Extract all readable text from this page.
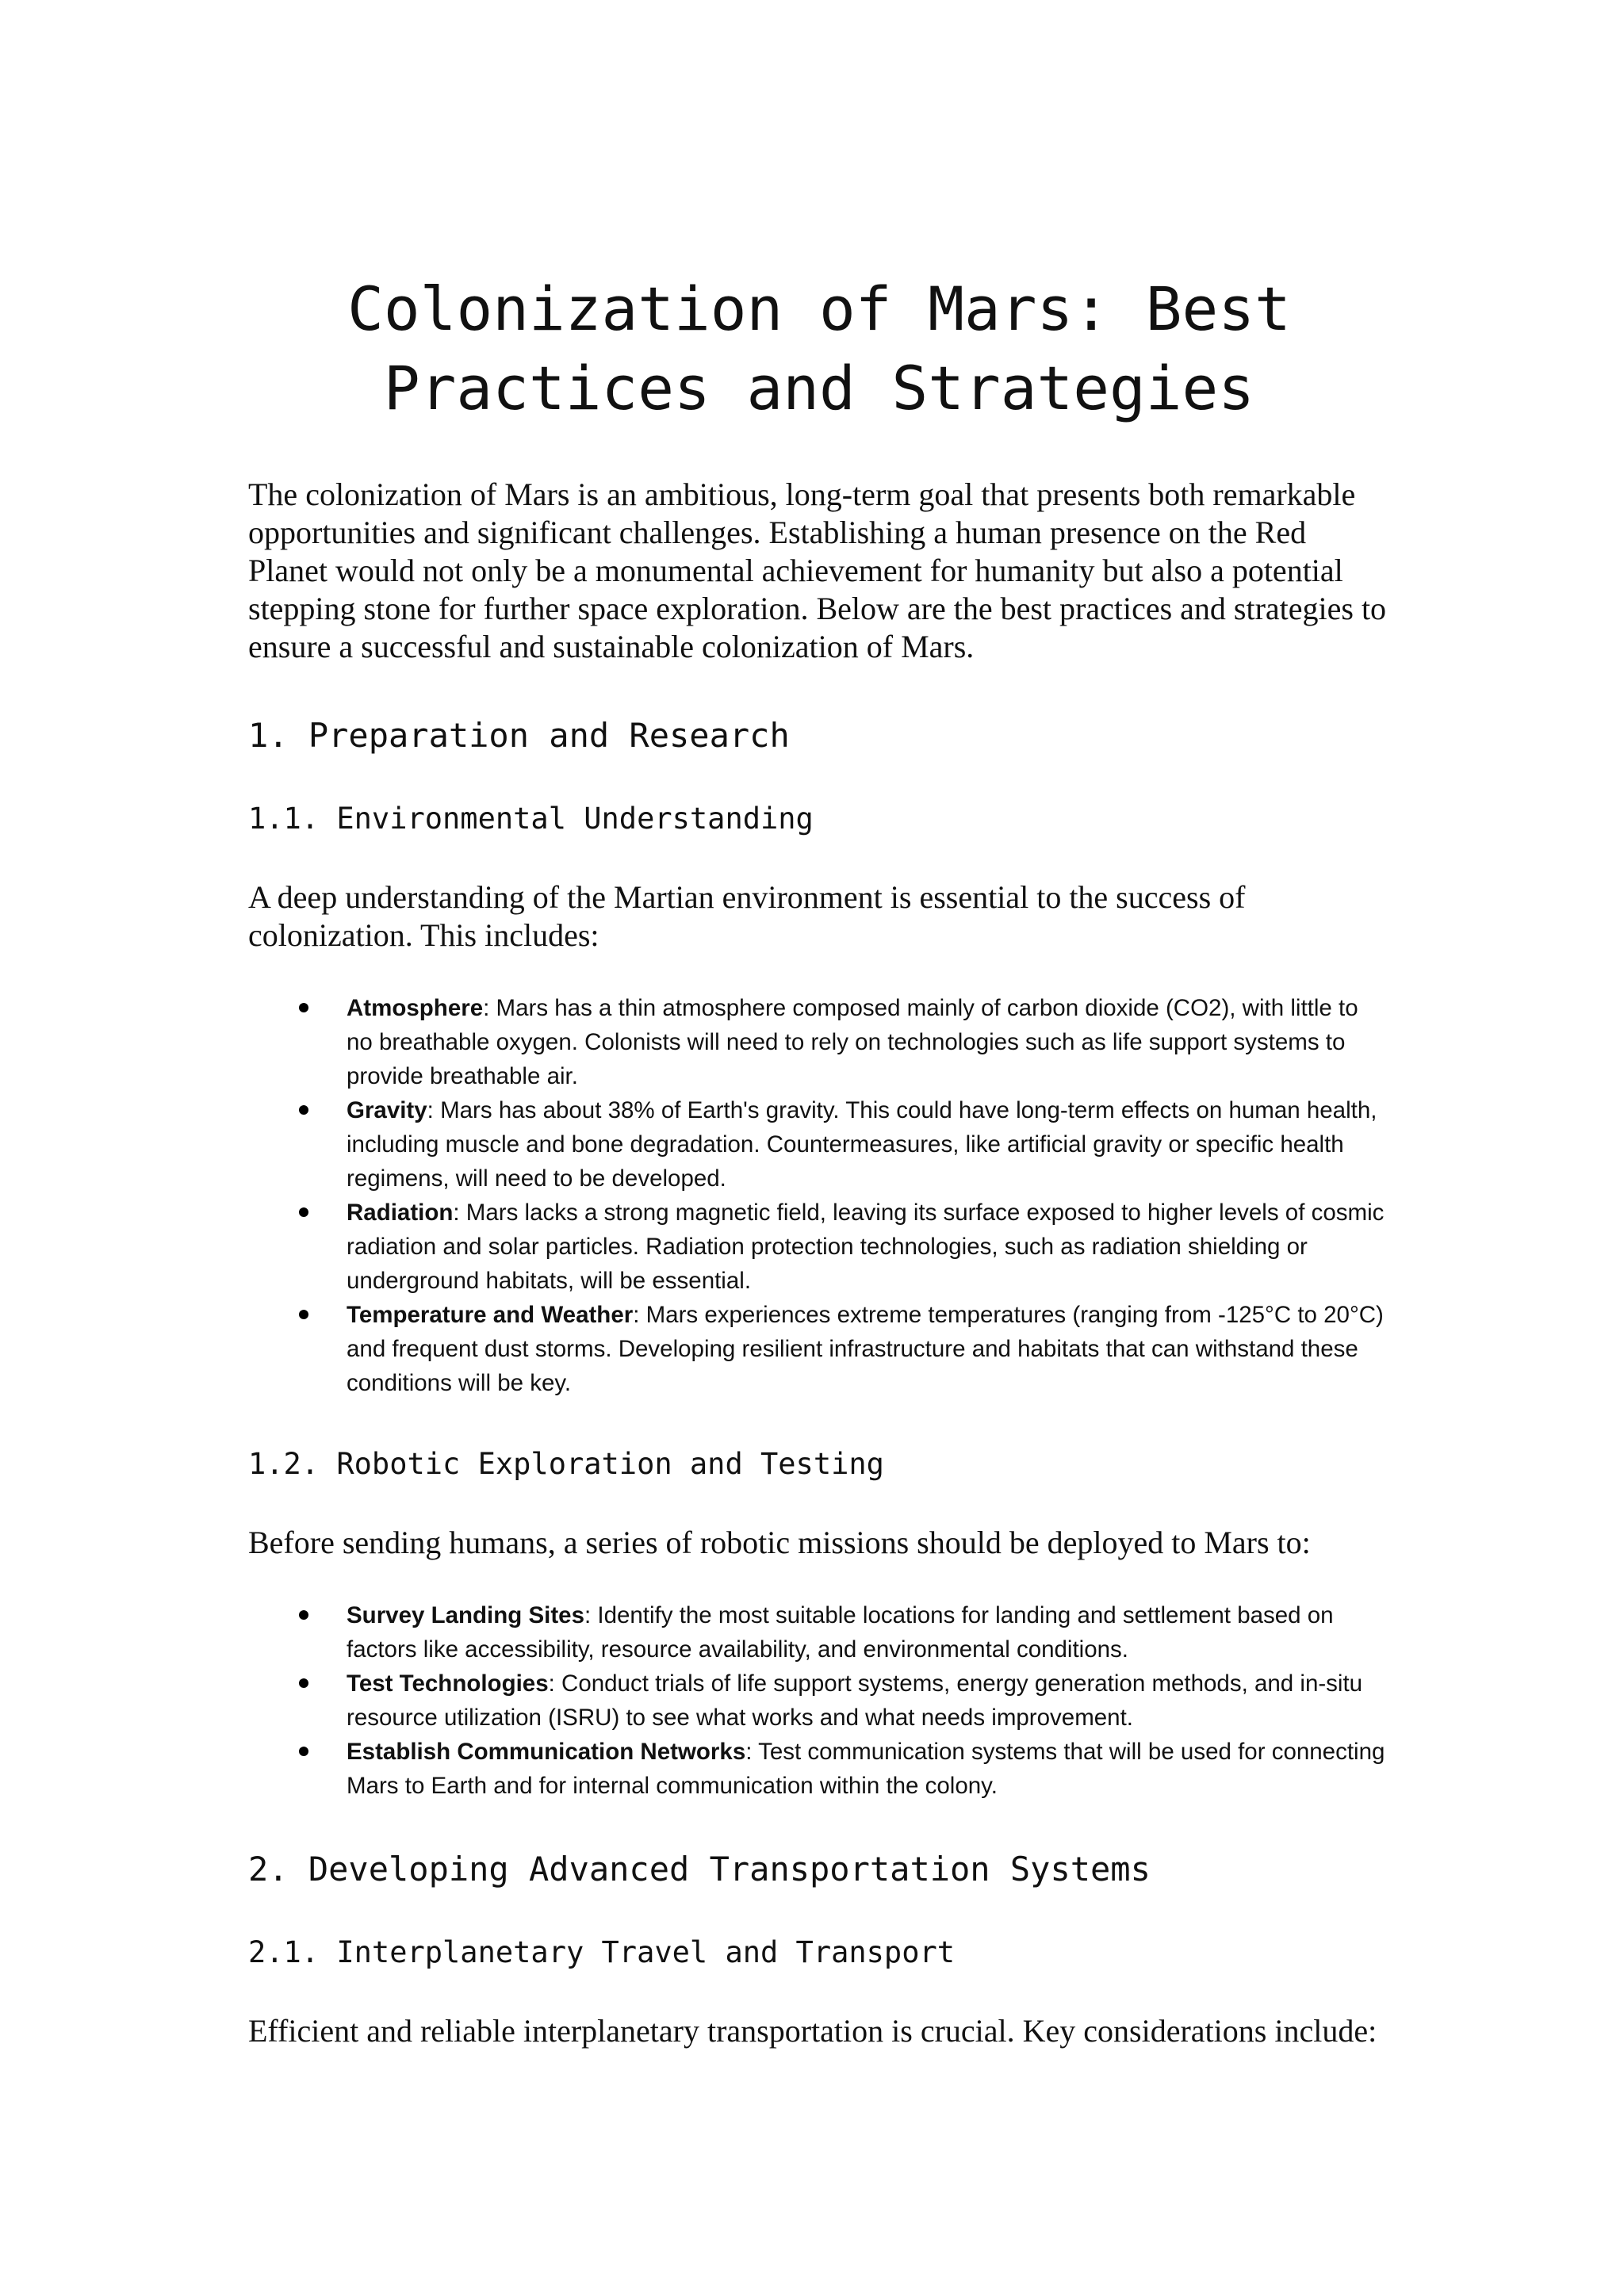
Colonization of Mars: Best Practices and Strategies

The colonization of Mars is an ambitious, long-term goal that presents both remarkable opportunities and significant challenges. Establishing a human presence on the Red Planet would not only be a monumental achievement for humanity but also a potential stepping stone for further space exploration. Below are the best practices and strategies to ensure a successful and sustainable colonization of Mars.

1. Preparation and Research
1.1. Environmental Understanding

A deep understanding of the Martian environment is essential to the success of colonization. This includes:

Atmosphere: Mars has a thin atmosphere composed mainly of carbon dioxide (CO2), with little to no breathable oxygen. Colonists will need to rely on technologies such as life support systems to provide breathable air.
Gravity: Mars has about 38% of Earth's gravity. This could have long-term effects on human health, including muscle and bone degradation. Countermeasures, like artificial gravity or specific health regimens, will need to be developed.
Radiation: Mars lacks a strong magnetic field, leaving its surface exposed to higher levels of cosmic radiation and solar particles. Radiation protection technologies, such as radiation shielding or underground habitats, will be essential.
Temperature and Weather: Mars experiences extreme temperatures (ranging from -125°C to 20°C) and frequent dust storms. Developing resilient infrastructure and habitats that can withstand these conditions will be key.
1.2. Robotic Exploration and Testing

Before sending humans, a series of robotic missions should be deployed to Mars to:

Survey Landing Sites: Identify the most suitable locations for landing and settlement based on factors like accessibility, resource availability, and environmental conditions.
Test Technologies: Conduct trials of life support systems, energy generation methods, and in-situ resource utilization (ISRU) to see what works and what needs improvement.
Establish Communication Networks: Test communication systems that will be used for connecting Mars to Earth and for internal communication within the colony.
2. Developing Advanced Transportation Systems
2.1. Interplanetary Travel and Transport

Efficient and reliable interplanetary transportation is crucial. Key considerations include:
